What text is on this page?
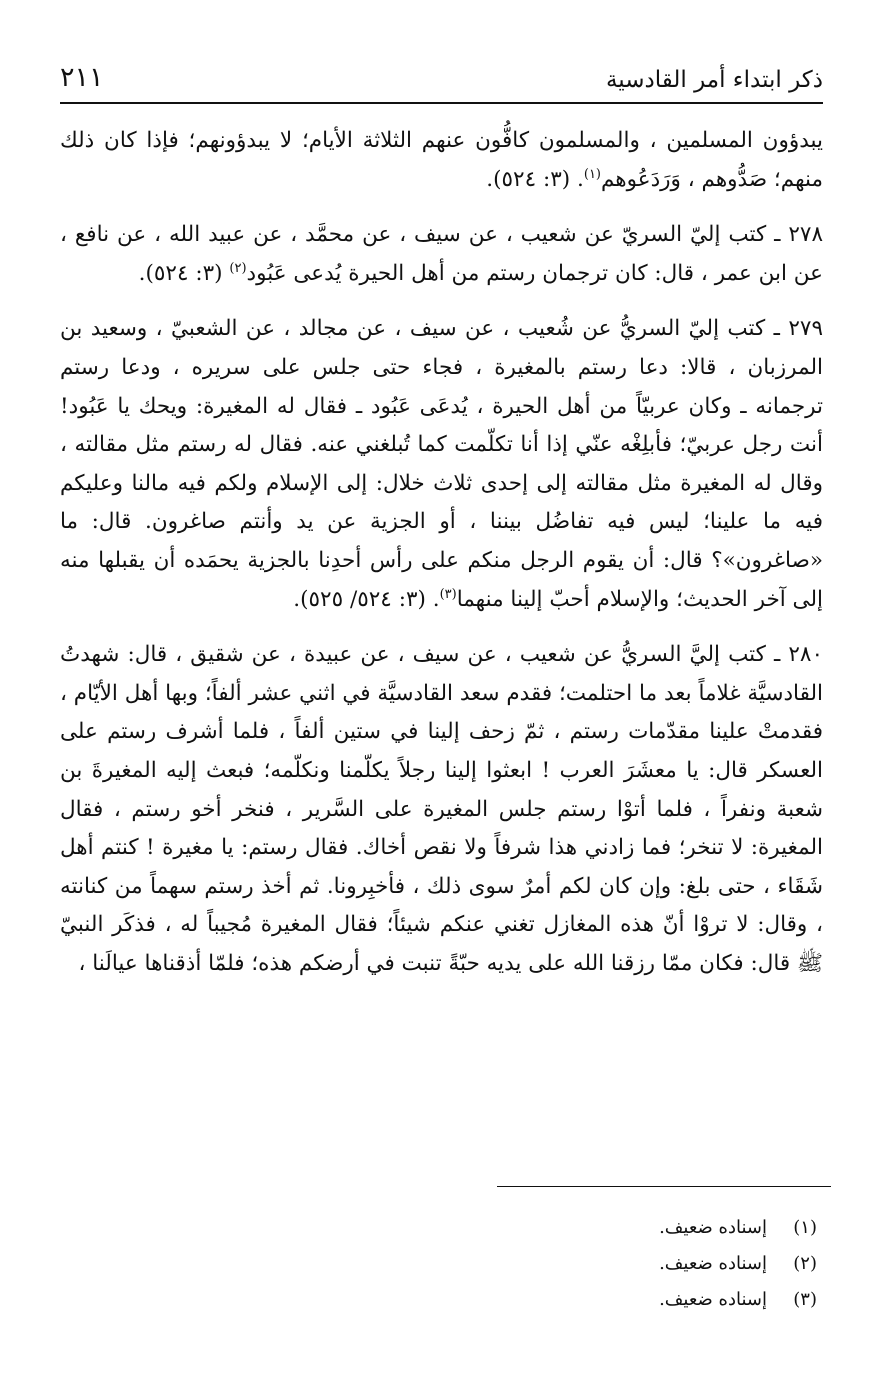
ذكر ابتداء أمر القادسية
٢١١

يبدؤون المسلمين ، والمسلمون كافُّون عنهم الثلاثة الأيام؛ لا يبدؤونهم؛ فإذا كان ذلك منهم؛ صَدُّوهم ، وَرَدَعُوهم$^{(١)}$. (٣: ٥٢٤).

٢٧٨ ـ كتب إليّ السريّ عن شعيب ، عن سيف ، عن محمَّد ، عن عبيد الله ، عن نافع ، عن ابن عمر ، قال: كان ترجمان رستم من أهل الحيرة يُدعى عَبُود$^{(٢)}$ (٣: ٥٢٤).

٢٧٩ ـ كتب إليّ السريُّ عن شُعيب ، عن سيف ، عن مجالد ، عن الشعبيّ ، وسعيد بن المرزبان ، قالا: دعا رستم بالمغيرة ، فجاء حتى جلس على سريره ، ودعا رستم ترجمانه ـ وكان عربيّاً من أهل الحيرة ، يُدعَى عَبُود ـ فقال له المغيرة: ويحك يا عَبُود! أنت رجل عربيّ؛ فأبلِغْه عنّي إذا أنا تكلّمت كما تُبلغني عنه. فقال له رستم مثل مقالته ، وقال له المغيرة مثل مقالته إلى إحدى ثلاث خلال: إلى الإسلام ولكم فيه مالنا وعليكم فيه ما علينا؛ ليس فيه تفاضُل بيننا ، أو الجزية عن يد وأنتم صاغرون. قال: ما «صاغرون»؟ قال: أن يقوم الرجل منكم على رأس أحدِنا بالجزية يحمَده أن يقبلها منه إلى آخر الحديث؛ والإسلام أحبّ إلينا منهما$^{(٣)}$. (٣: ٥٢٤/ ٥٢٥).

٢٨٠ ـ كتب إليَّ السريُّ عن شعيب ، عن سيف ، عن عبيدة ، عن شقيق ، قال: شهدتُ القادسيَّة غلاماً بعد ما احتلمت؛ فقدم سعد القادسيَّة في اثني عشر ألفاً؛ وبها أهل الأيّام ، فقدمتْ علينا مقدّمات رستم ، ثمّ زحف إلينا في ستين ألفاً ، فلما أشرف رستم على العسكر قال: يا معشَرَ العرب ! ابعثوا إلينا رجلاً يكلّمنا ونكلّمه؛ فبعث إليه المغيرةَ بن شعبة ونفراً ، فلما أتوْا رستم جلس المغيرة على السَّرير ، فنخر أخو رستم ، فقال المغيرة: لا تنخر؛ فما زادني هذا شرفاً ولا نقص أخاك. فقال رستم: يا مغيرة ! كنتم أهل شَقَاء ، حتى بلغ: وإن كان لكم أمرٌ سوى ذلك ، فأخبِرونا. ثم أخذ رستم سهماً من كنانته ، وقال: لا تروْا أنّ هذه المغازل تغني عنكم شيئاً؛ فقال المغيرة مُجيباً له ، فذكَر النبيّ ﷺ قال: فكان ممّا رزقنا الله على يديه حبّةً تنبت في أرضكم هذه؛ فلمّا أذقناها عيالَنا ،

(١)إسناده ضعيف.

(٢)إسناده ضعيف.

(٣)إسناده ضعيف.
